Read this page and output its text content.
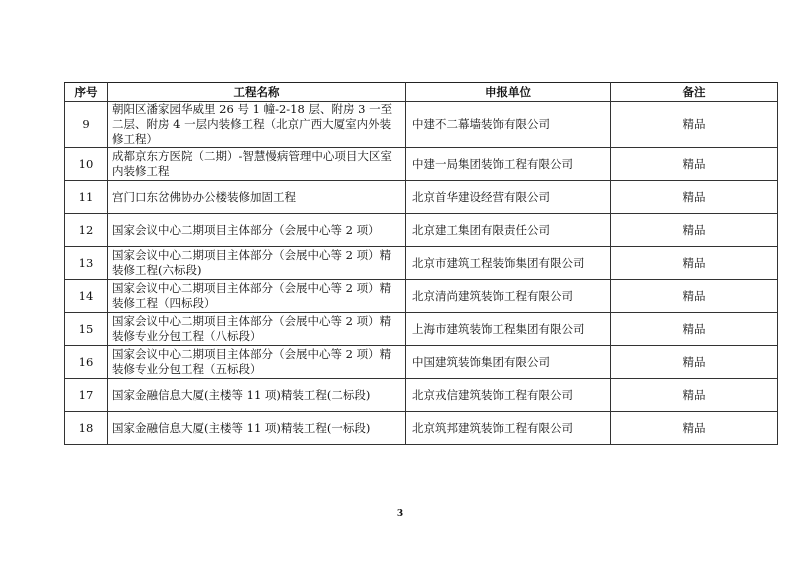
序号	工程名称	申报单位	备注
9	朝阳区潘家园华威里 26 号 1 幢-2-18 层、附房 3 一至二层、附房 4 一层内装修工程（北京广西大厦室内外装修工程）	中建不二幕墙装饰有限公司	精品
10	成都京东方医院（二期）-智慧慢病管理中心项目大区室内装修工程	中建一局集团装饰工程有限公司	精品
11	宫门口东岔佛协办公楼装修加固工程	北京首华建设经营有限公司	精品
12	国家会议中心二期项目主体部分（会展中心等 2 项）	北京建工集团有限责任公司	精品
13	国家会议中心二期项目主体部分（会展中心等 2 项）精装修工程(六标段)	北京市建筑工程装饰集团有限公司	精品
14	国家会议中心二期项目主体部分（会展中心等 2 项）精装修工程（四标段）	北京清尚建筑装饰工程有限公司	精品
15	国家会议中心二期项目主体部分（会展中心等 2 项）精装修专业分包工程（八标段）	上海市建筑装饰工程集团有限公司	精品
16	国家会议中心二期项目主体部分（会展中心等 2 项）精装修专业分包工程（五标段）	中国建筑装饰集团有限公司	精品
17	国家金融信息大厦(主楼等 11 项)精装工程(二标段)	北京戎信建筑装饰工程有限公司	精品
18	国家金融信息大厦(主楼等 11 项)精装工程(一标段)	北京筑邦建筑装饰工程有限公司	精品
3
